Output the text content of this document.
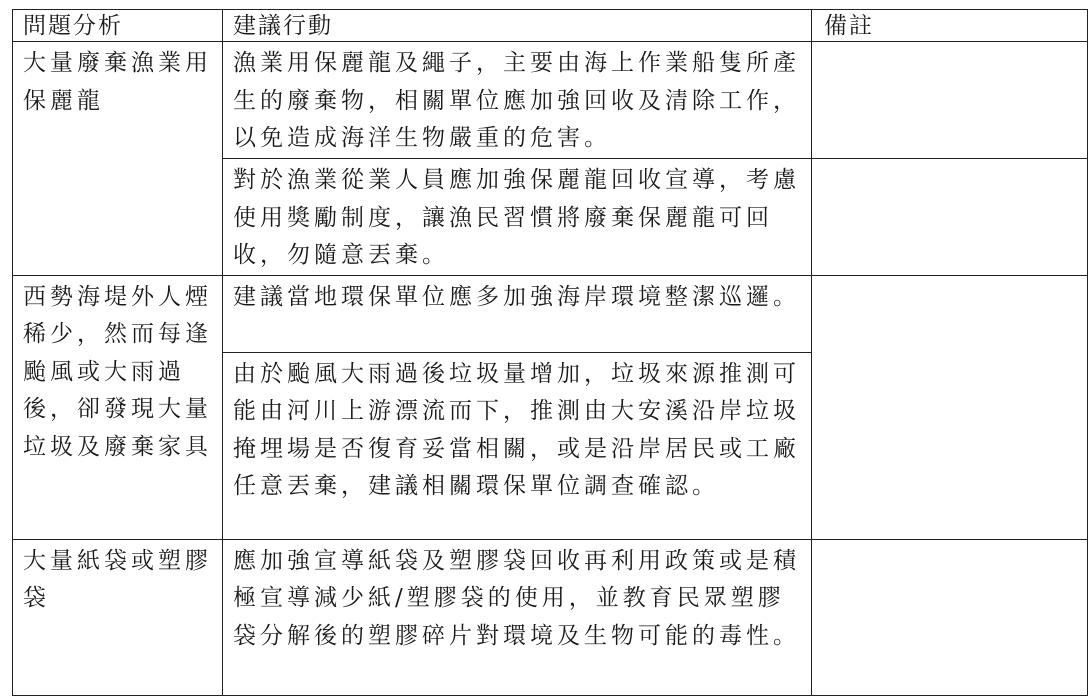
問題分析	建議行動	備註
大量廢棄漁業用保麗龍	漁業用保麗龍及繩子，主要由海上作業船隻所產生的廢棄物，相關單位應加強回收及清除工作，以免造成海洋生物嚴重的危害。	
	對於漁業從業人員應加強保麗龍回收宣導，考慮使用獎勵制度，讓漁民習慣將廢棄保麗龍可回收，勿隨意丟棄。	
西勢海堤外人煙稀少，然而每逢颱風或大雨過後，卻發現大量垃圾及廢棄家具	建議當地環保單位應多加強海岸環境整潔巡邏。	
	由於颱風大雨過後垃圾量增加，垃圾來源推測可能由河川上游漂流而下，推測由大安溪沿岸垃圾掩埋場是否復育妥當相關，或是沿岸居民或工廠任意丟棄，建議相關環保單位調查確認。	
大量紙袋或塑膠袋	應加強宣導紙袋及塑膠袋回收再利用政策或是積極宣導減少紙/塑膠袋的使用，並教育民眾塑膠袋分解後的塑膠碎片對環境及生物可能的毒性。	
